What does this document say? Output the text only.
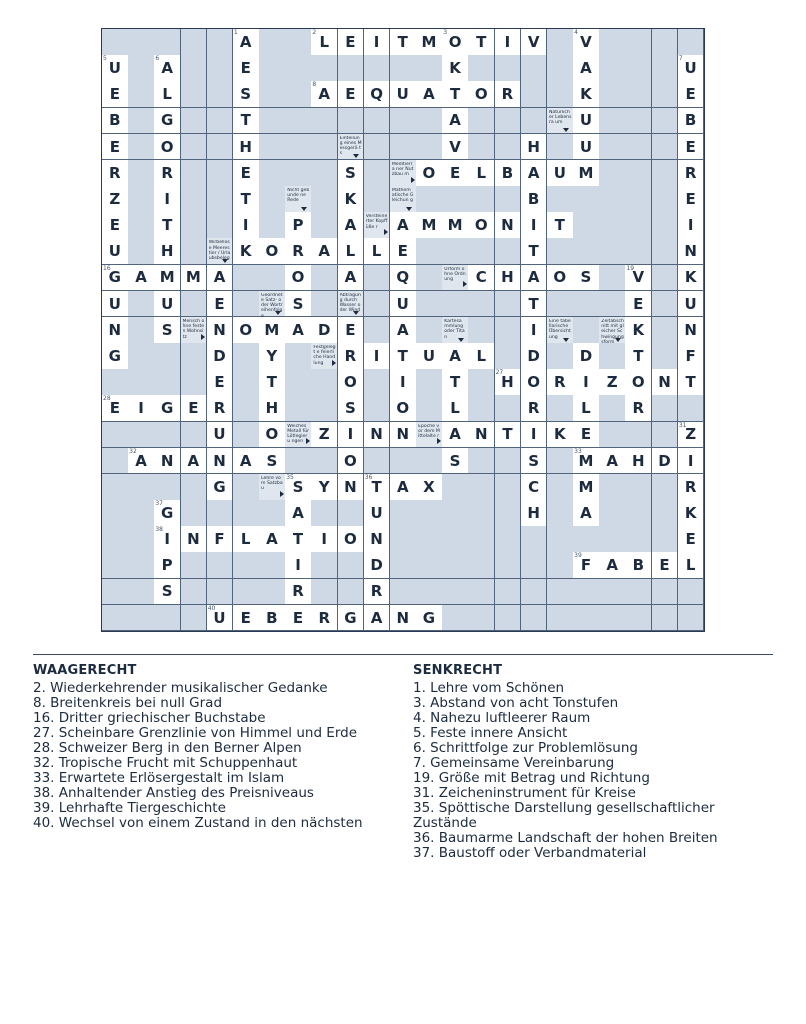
A
1
L
2
E	I	T M O
3
T	I	V	V
4
U
5
A
6
E	K	A	U
7
E	L	S	A
8
E Q U A	T O R	K	E
B	G	T	A	Natürlich er Lebensra um	U	B
E	O	H	Einteilun g eines Messgerä ts	V	H	U	E
R	R	E	S	Meditierra ner Nutzbau m O E	L	B A U M	R
Z	I	T	Nicht gebunde ne Rede	K	Mathem atische Gleichun g	B	E
E	T	I	P	A	Versteine rter Kopffüße r	A M M O N	I	T	I
U	H	Wirbellose Meerestier / Urlaubsbeleg K O R A	L	L	E	T	N
G
16
A M M A	O	A	Q	Urform ohne Ordnung	C H A O S	V
19
K
U	U	E	Geordnete Satz- oder Wortreihenfolg S	Abtragun g durch Wasser oder Wind	U	T	E	U
N	S	Mensch ohne festen Wohnsitz	N O M A D E	A	Kartesa mmlung oder Titan	I	Eine tabellarische Übersicht ung
Zeitabschnitt mit gleicher Schwingung K	N
G	D	Y	Festgelegt e feierliche Handlung	R	I	T U A	L	D	D	T	F
E	T	O	I	T	H
27
O R	I	Z O N T
E
28
I	G E	R	H	S	O	L	R	L	R
U	O	Weiches Metall für Lötlegieru ngen	Z	I	N N	Epoche vor dem Mittelalte r A N T	I	K	E	Z
31
A
32
N A N A S	O	S	S	M
33
A H D	I
G	Lehre vom Satzbau	S
35
Y N T
36
A X	C	M	R
G
37
A	U	H	A	K
I
38
N F	L	A	T	I	O N	E
P	I	D	F
39
A B	E	L
S	R	R
U
40
E	B	E	R G A N G
WAAGERECHT
2. Wiederkehrender musikalischer Gedanke
8. Breitenkreis bei null Grad
16. Dritter griechischer Buchstabe
27. Scheinbare Grenzlinie von Himmel und Erde
28. Schweizer Berg in den Berner Alpen
32. Tropische Frucht mit Schuppenhaut
33. Erwartete Erlösergestalt im Islam
38. Anhaltender Anstieg des Preisniveaus
39. Lehrhafte Tiergeschichte
40. Wechsel von einem Zustand in den nächsten
SENKRECHT
1. Lehre vom Schönen
3. Abstand von acht Tonstufen
4. Nahezu luftleerer Raum
5. Feste innere Ansicht
6. Schrittfolge zur Problemlösung
7. Gemeinsame Vereinbarung
19. Größe mit Betrag und Richtung
31. Zeicheninstrument für Kreise
35. Spöttische Darstellung gesellschaftlicher Zustände
36. Baumarme Landschaft der hohen Breiten
37. Baustoff oder Verbandmaterial
